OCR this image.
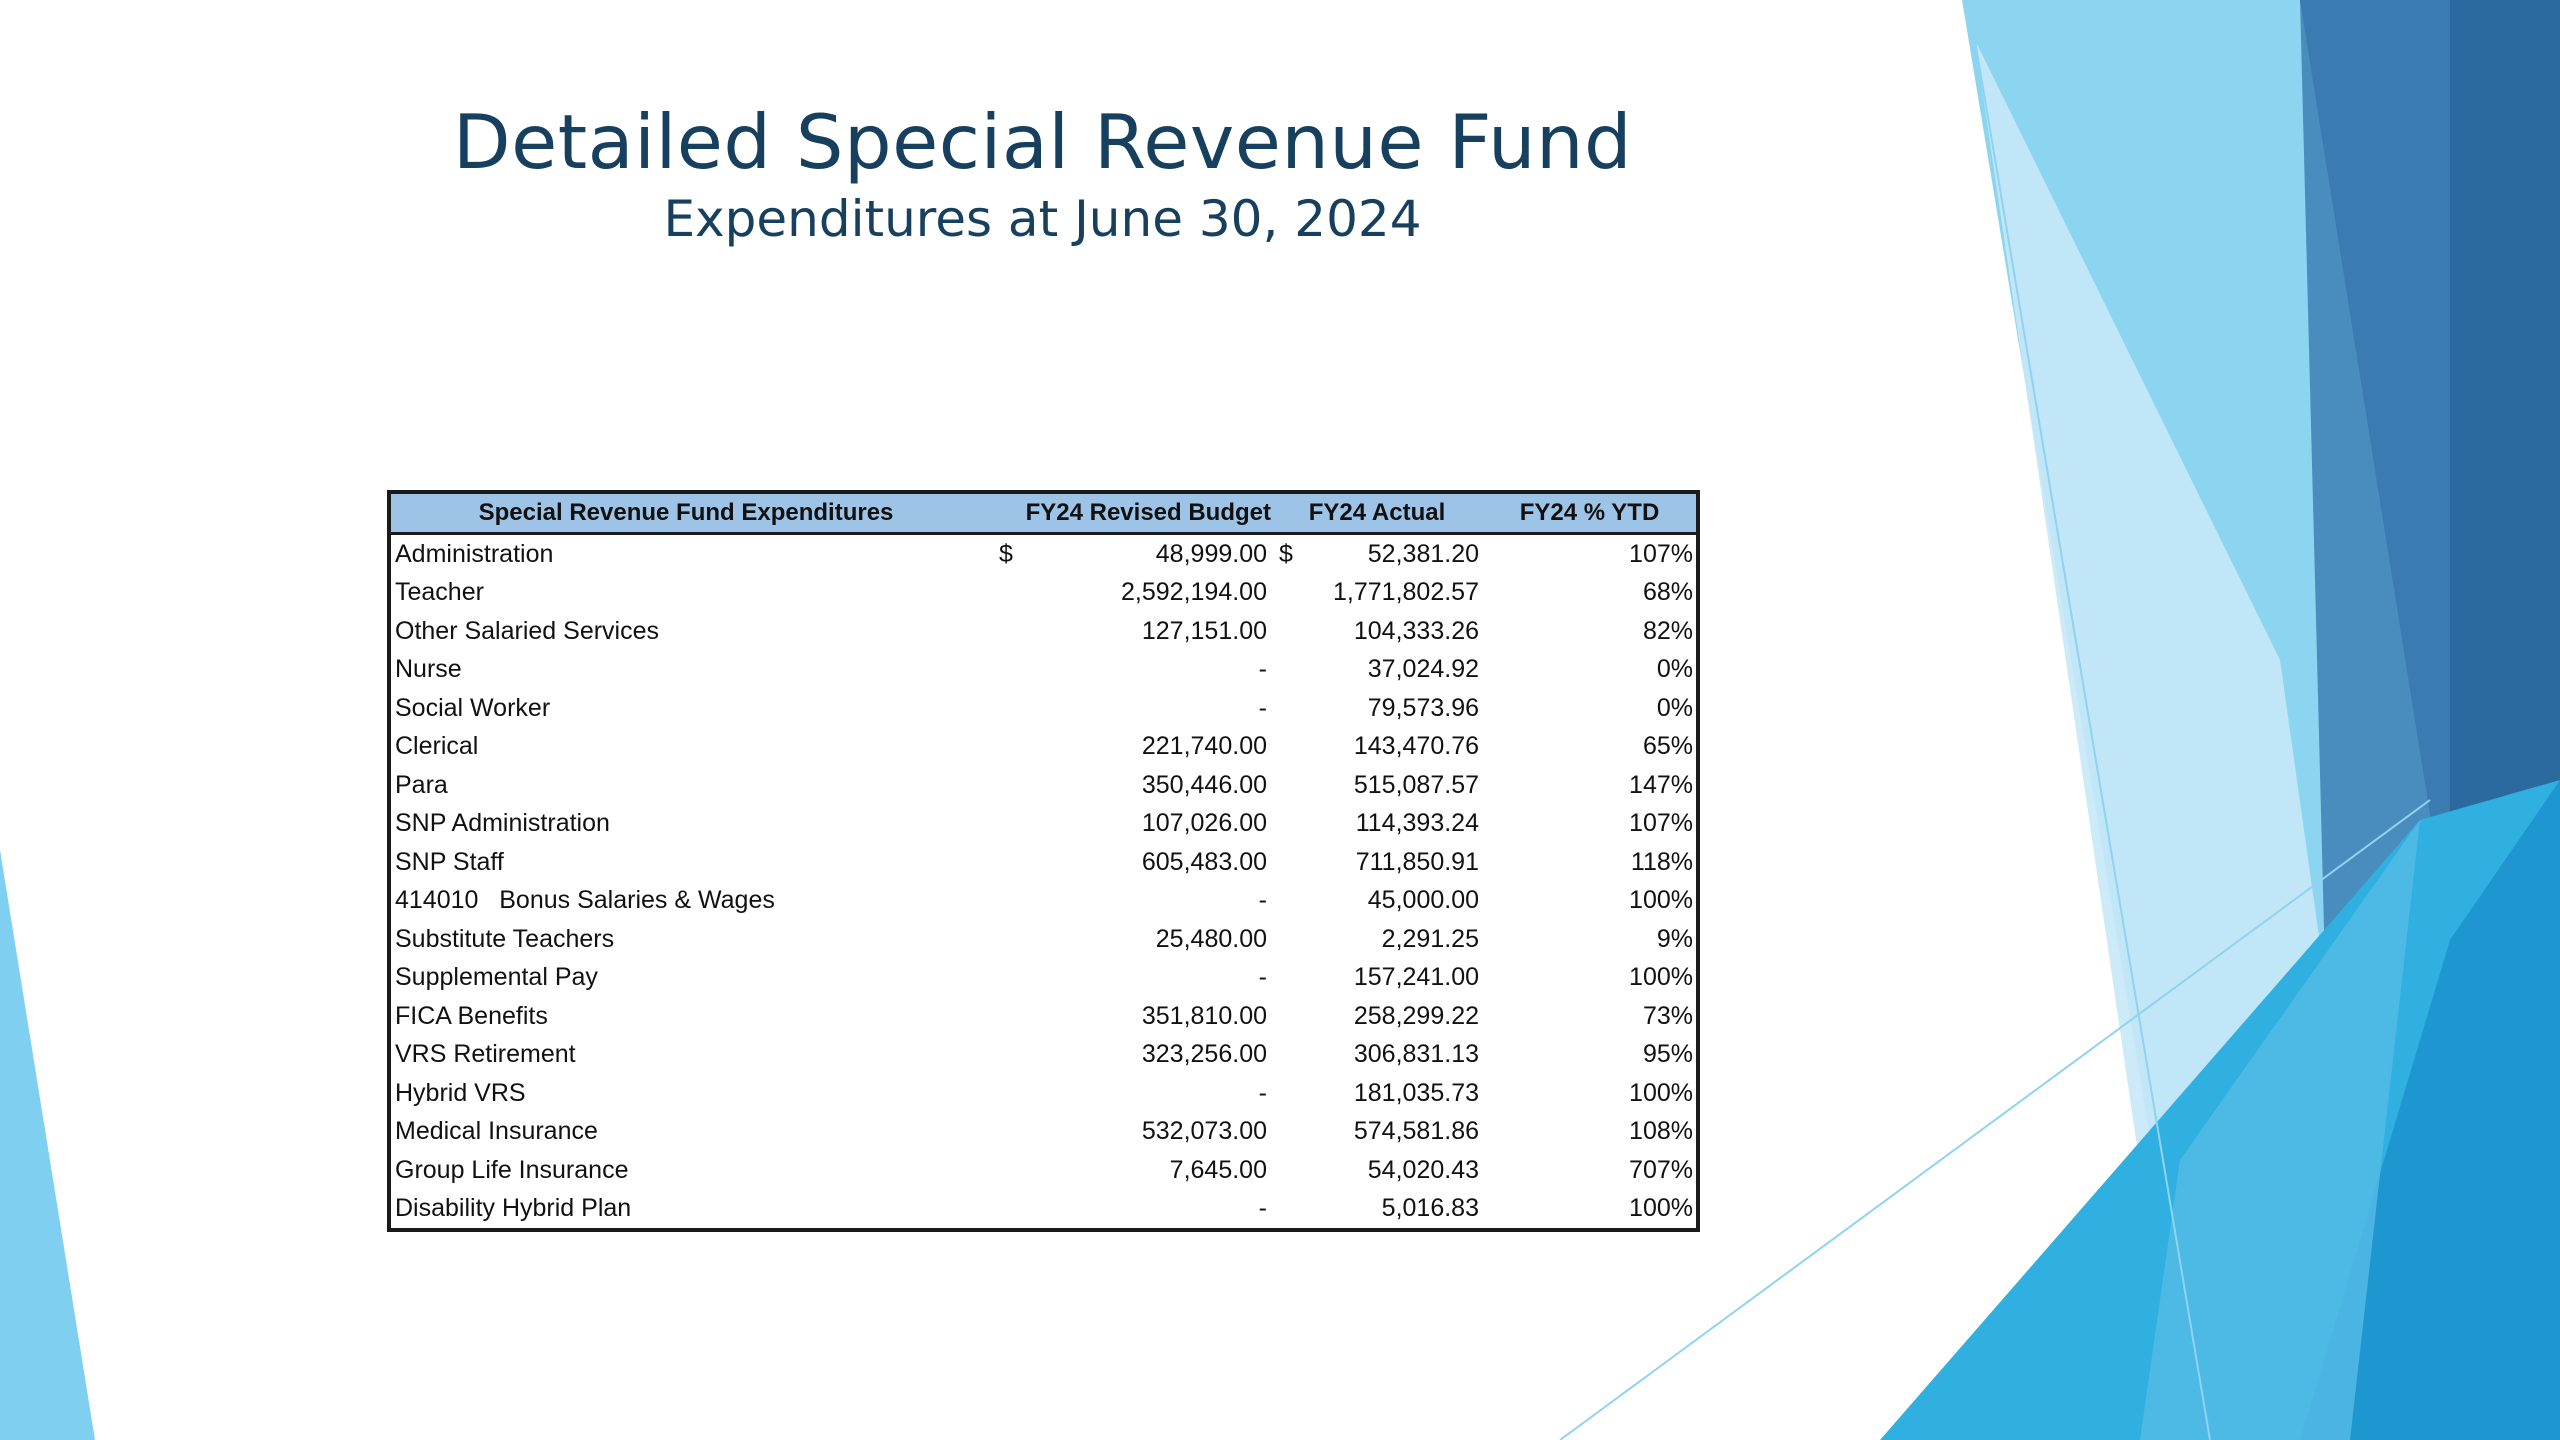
Detailed Special Revenue Fund
Expenditures at June 30, 2024
Special Revenue Fund Expenditures	FY24 Revised Budget	FY24 Actual	FY24 % YTD
Administration	$ 48,999.00	$ 52,381.20	107%
Teacher	2,592,194.00	1,771,802.57	68%
Other Salaried Services	127,151.00	104,333.26	82%
Nurse	-	37,024.92	0%
Social Worker	-	79,573.96	0%
Clerical	221,740.00	143,470.76	65%
Para	350,446.00	515,087.57	147%
SNP Administration	107,026.00	114,393.24	107%
SNP Staff	605,483.00	711,850.91	118%
414010   Bonus Salaries & Wages	-	45,000.00	100%
Substitute Teachers	25,480.00	2,291.25	9%
Supplemental Pay	-	157,241.00	100%
FICA Benefits	351,810.00	258,299.22	73%
VRS Retirement	323,256.00	306,831.13	95%
Hybrid VRS	-	181,035.73	100%
Medical Insurance	532,073.00	574,581.86	108%
Group Life Insurance	7,645.00	54,020.43	707%
Disability Hybrid Plan	-	5,016.83	100%
